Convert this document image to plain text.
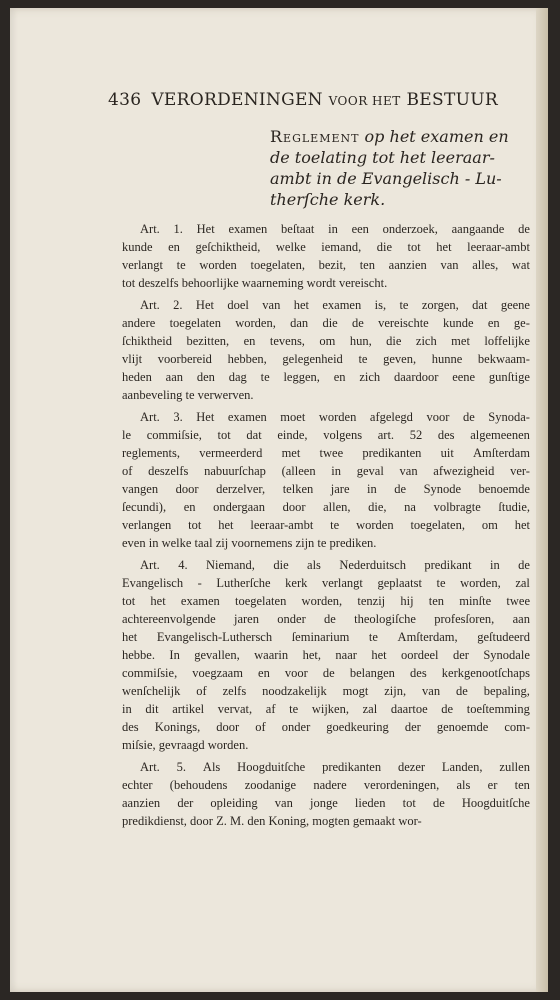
436 VERORDENINGEN VOOR HET BESTUUR

Reglement op het examen en

de toelating tot het leeraar-

ambt in de Evangelisch - Lu-

therſche kerk.

Art. 1. Het examen beſtaat in een onderzoek, aangaande de
kunde en geſchiktheid, welke iemand, die tot het leeraar-ambt
verlangt te worden toegelaten, bezit, ten aanzien van alles, wat
tot deszelfs behoorlijke waarneming wordt vereischt.
Art. 2. Het doel van het examen is, te zorgen, dat geene
andere toegelaten worden, dan die de vereischte kunde en ge-
ſchiktheid bezitten, en tevens, om hun, die zich met loffelijke
vlijt voorbereid hebben, gelegenheid te geven, hunne bekwaam-
heden aan den dag te leggen, en zich daardoor eene gunſtige
aanbeveling te verwerven.
Art. 3. Het examen moet worden afgelegd voor de Synoda-
le commiſsie, tot dat einde, volgens art. 52 des algemeenen
reglements, vermeerderd met twee predikanten uit Amſterdam
of deszelfs nabuurſchap (alleen in geval van afwezigheid ver-
vangen door derzelver, telken jare in de Synode benoemde
ſecundi), en ondergaan door allen, die, na volbragte ſtudie,
verlangen tot het leeraar-ambt te worden toegelaten, om het
even in welke taal zij voornemens zijn te prediken.
Art. 4. Niemand, die als Nederduitsch predikant in de
Evangelisch - Lutherſche kerk verlangt geplaatst te worden, zal
tot het examen toegelaten worden, tenzij hij ten minſte twee
achtereenvolgende jaren onder de theologiſche profesſoren, aan
het Evangelisch-Luthersch ſeminarium te Amſterdam, geſtudeerd
hebbe. In gevallen, waarin het, naar het oordeel der Synodale
commiſsie, voegzaam en voor de belangen des kerkgenootſchaps
wenſchelijk of zelfs noodzakelijk mogt zijn, van de bepaling,
in dit artikel vervat, af te wijken, zal daartoe de toeſtemming
des Konings, door of onder goedkeuring der genoemde com-
miſsie, gevraagd worden.
Art. 5. Als Hoogduitſche predikanten dezer Landen, zullen
echter (behoudens zoodanige nadere verordeningen, als er ten
aanzien der opleiding van jonge lieden tot de Hoogduitſche
predikdienst, door Z. M. den Koning, mogten gemaakt wor-
